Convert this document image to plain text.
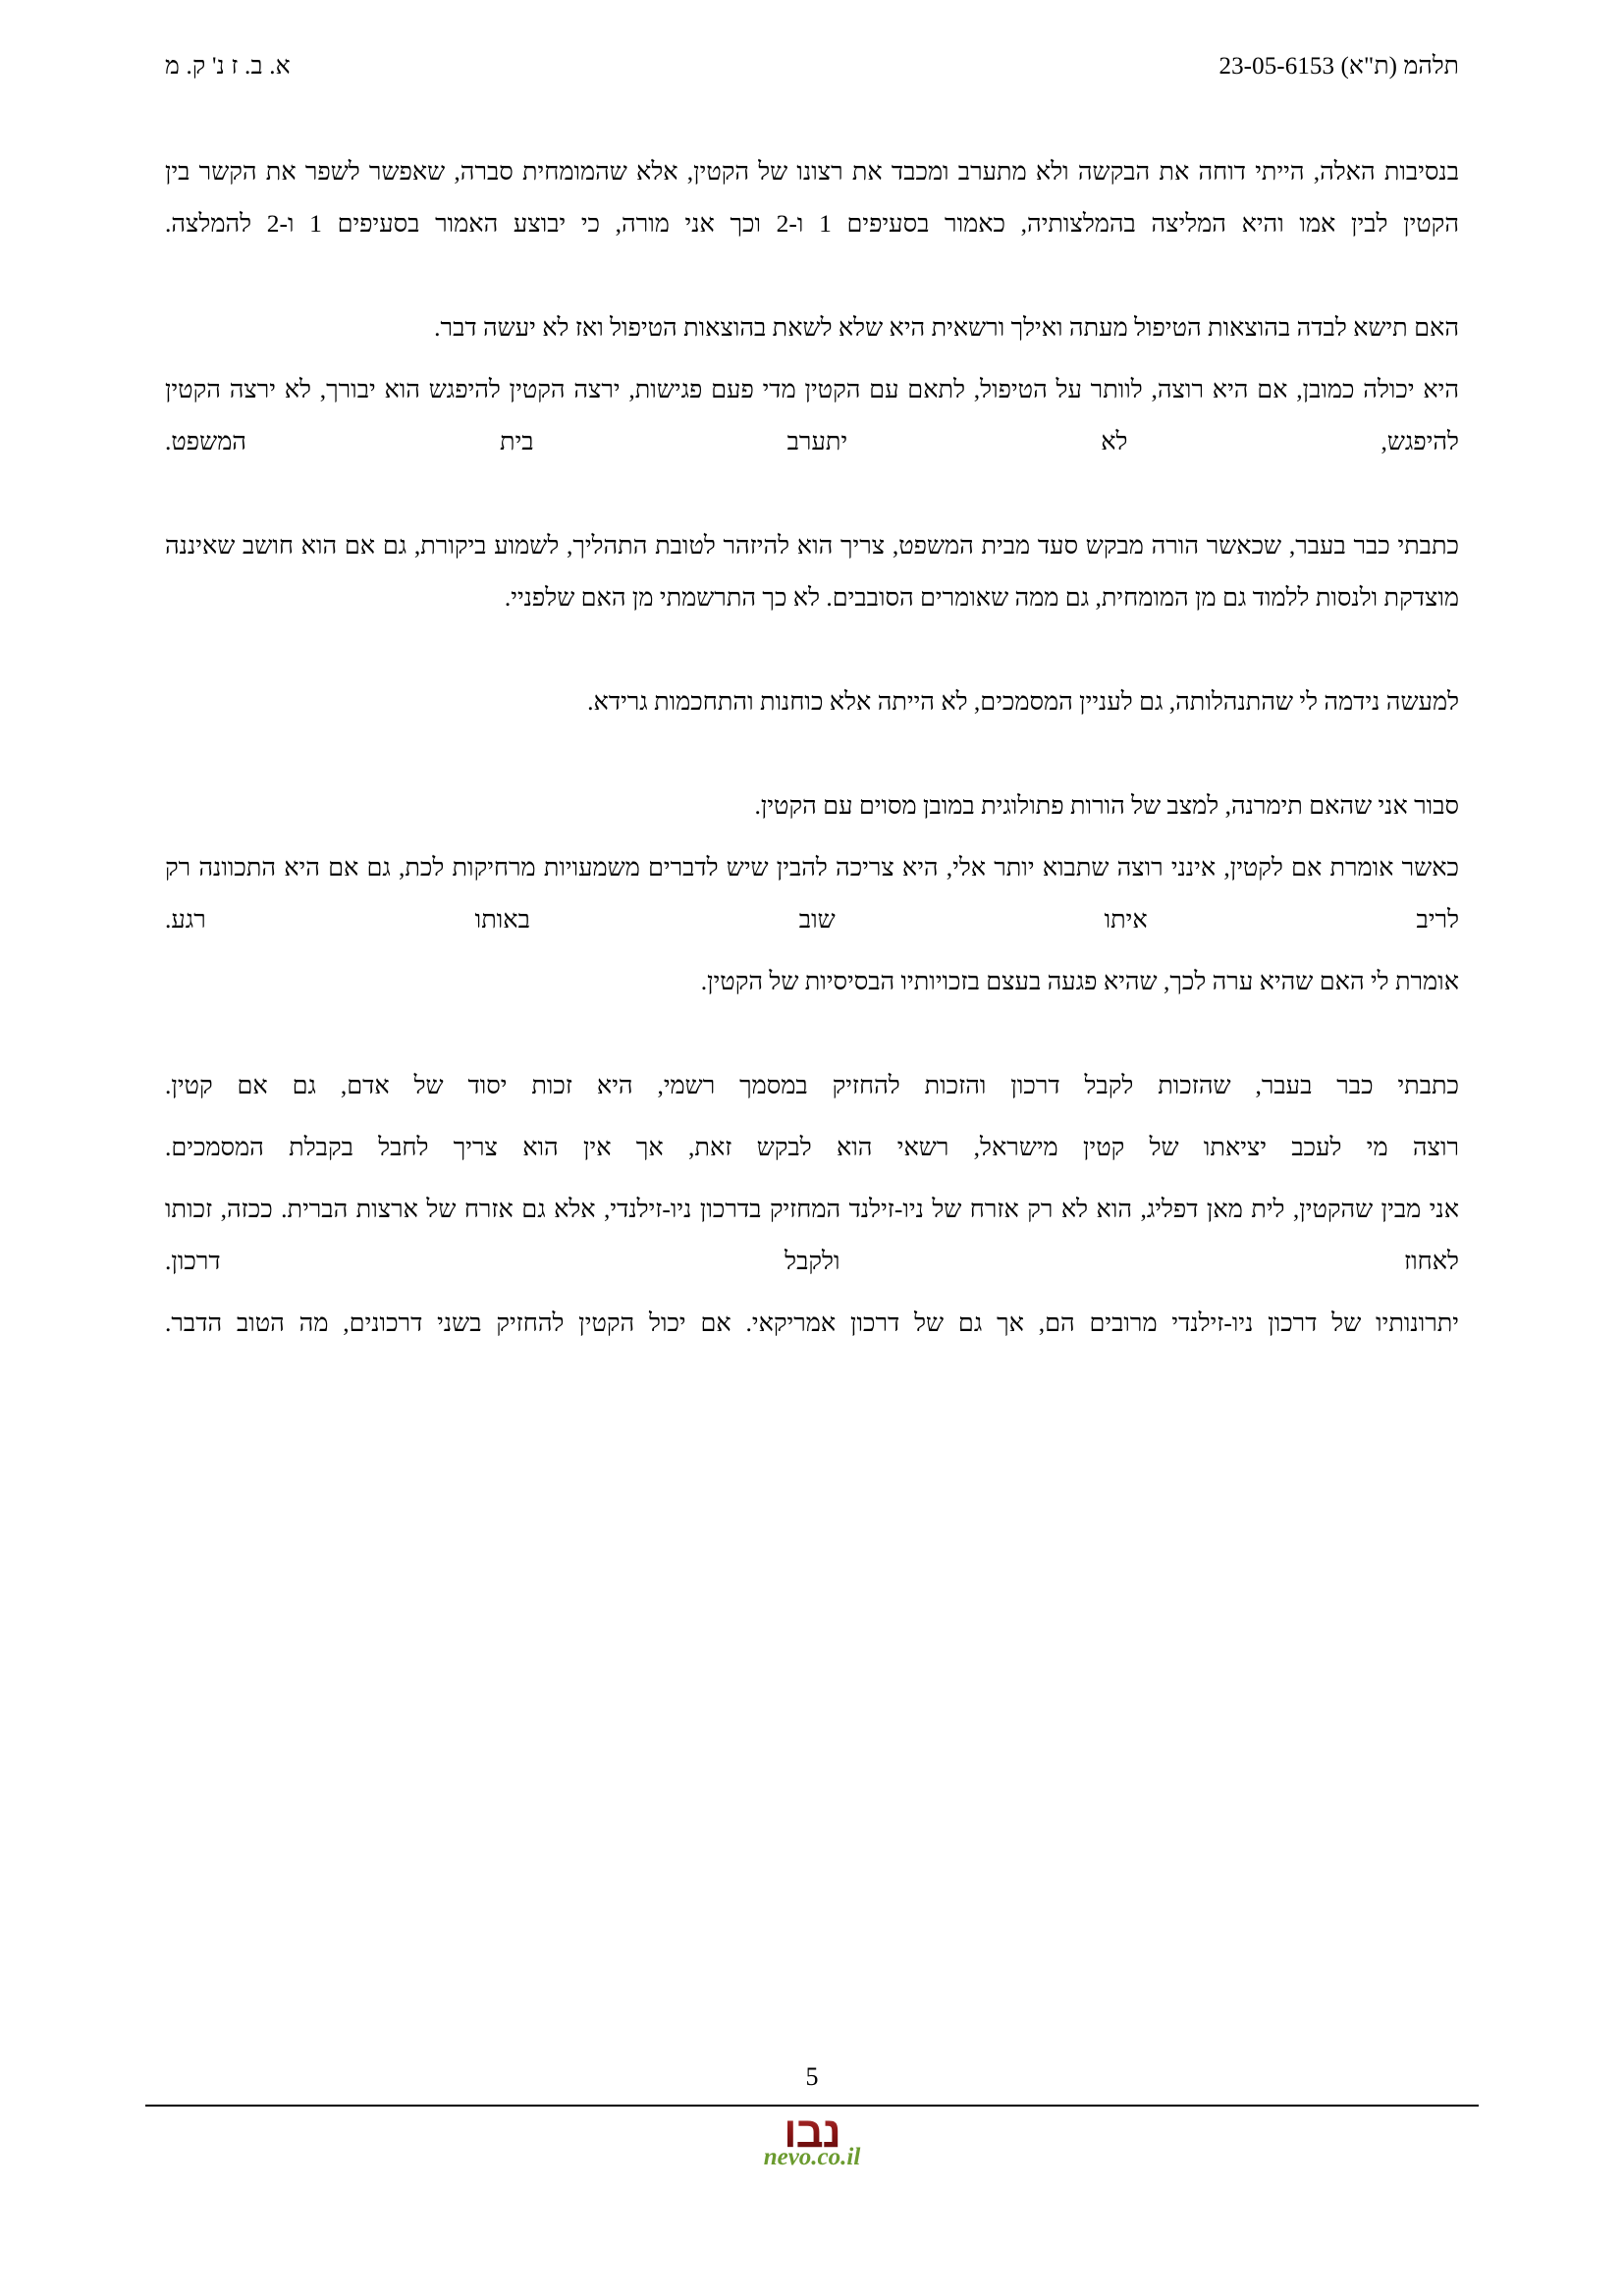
תלהמ (ת"א) 23-05-6153
א. ב. ז נ' ק. מ

בנסיבות האלה, הייתי דוחה את הבקשה ולא מתערב ומכבד את רצונו של הקטין, אלא שהמומחית סברה, שאפשר לשפר את הקשר בין הקטין לבין אמו והיא המליצה בהמלצותיה, כאמור בסעיפים 1 ו-2 וכך אני מורה, כי יבוצע האמור בסעיפים 1 ו-2 להמלצה.

האם תישא לבדה בהוצאות הטיפול מעתה ואילך ורשאית היא שלא לשאת בהוצאות הטיפול ואז לא יעשה דבר.

היא יכולה כמובן, אם היא רוצה, לוותר על הטיפול, לתאם עם הקטין מדי פעם פגישות, ירצה הקטין להיפגש הוא יבורך, לא ירצה הקטין להיפגש, לא יתערב בית המשפט.

כתבתי כבר בעבר, שכאשר הורה מבקש סעד מבית המשפט, צריך הוא להיזהר לטובת התהליך, לשמוע ביקורת, גם אם הוא חושב שאיננה מוצדקת ולנסות ללמוד גם מן המומחית, גם ממה שאומרים הסובבים. לא כך התרשמתי מן האם שלפניי.

למעשה נידמה לי שהתנהלותה, גם לעניין המסמכים, לא הייתה אלא כוחנות והתחכמות גרידא.

סבור אני שהאם תימרנה, למצב של הורות פתולוגית במובן מסוים עם הקטין.

כאשר אומרת אם לקטין, אינני רוצה שתבוא יותר אלי, היא צריכה להבין שיש לדברים משמעויות מרחיקות לכת, גם אם היא התכוונה רק לריב איתו שוב באותו רגע.

אומרת לי האם שהיא ערה לכך, שהיא פגעה בעצם בזכויותיו הבסיסיות של הקטין.

כתבתי כבר בעבר, שהזכות לקבל דרכון והזכות להחזיק במסמך רשמי, היא זכות יסוד של אדם, גם אם קטין.

רוצה מי לעכב יציאתו של קטין מישראל, רשאי הוא לבקש זאת, אך אין הוא צריך לחבל בקבלת המסמכים.

אני מבין שהקטין, לית מאן דפליג, הוא לא רק אזרח של ניו-זילנד המחזיק בדרכון ניו-זילנדי, אלא גם אזרח של ארצות הברית. ככזה, זכותו לאחוז ולקבל דרכון.

יתרונותיו של דרכון ניו-זילנדי מרובים הם, אך גם של דרכון אמריקאי. אם יכול הקטין להחזיק בשני דרכונים, מה הטוב הדבר.

5
נבו
nevo.co.il
